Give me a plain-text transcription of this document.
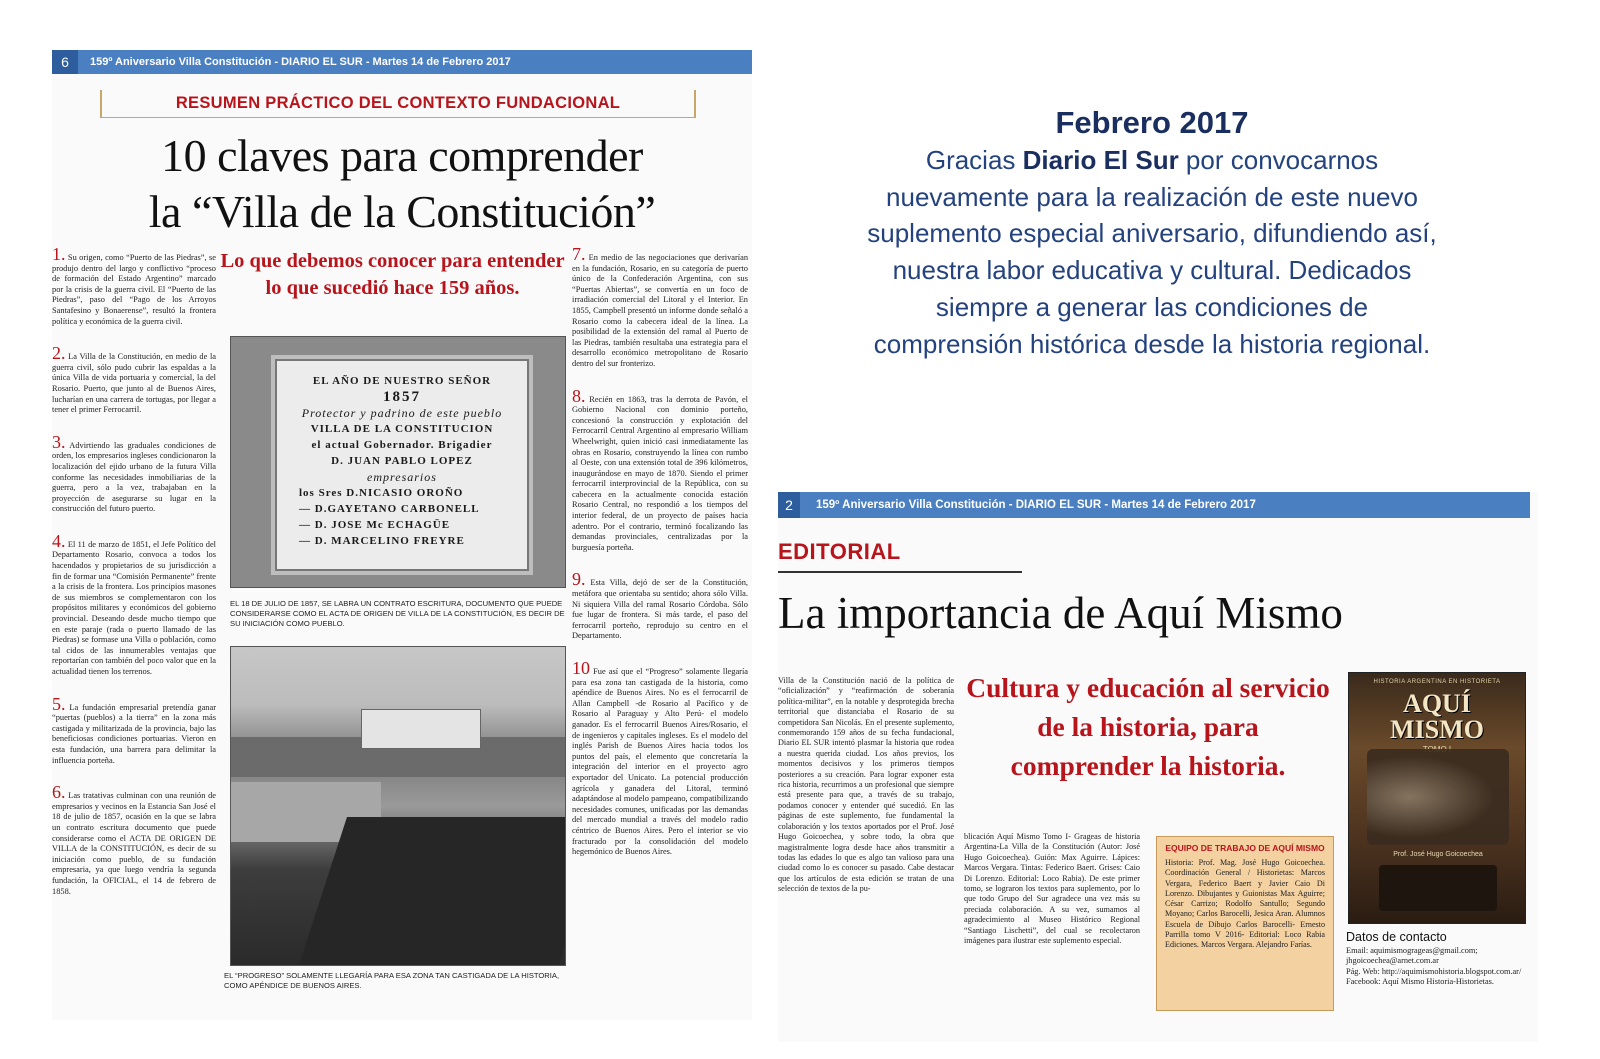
6	159º Aniversario Villa Constitución - DIARIO EL SUR - Martes 14 de Febrero 2017
RESUMEN PRÁCTICO DEL CONTEXTO FUNDACIONAL
10 claves para comprender
la “Villa de la Constitución”

1. Su origen, como “Puerto de las Piedras”, se produjo dentro del largo y conflictivo “proceso de formación del Estado Argentino” marcado por la crisis de la guerra civil. El “Puerto de las Piedras”, paso del “Pago de los Arroyos Santafesino y Bonaerense”, resultó la frontera política y económica de la guerra civil.

2. La Villa de la Constitución, en medio de la guerra civil, sólo pudo cubrir las espaldas a la única Villa de vida portuaria y comercial, la del Rosario. Puerto, que junto al de Buenos Aires, lucharían en una carrera de tortugas, por llegar a tener el primer Ferrocarril.

3. Advirtiendo las graduales condiciones de orden, los empresarios ingleses condicionaron la localización del ejido urbano de la futura Villa conforme las necesidades inmobiliarias de la guerra, pero a la vez, trabajaban en la proyección de asegurarse su lugar en la construcción del futuro puerto.

4. El 11 de marzo de 1851, el Jefe Político del Departamento Rosario, convoca a todos los hacendados y propietarios de su jurisdicción a fin de formar una “Comisión Permanente” frente a la crisis de la frontera. Los principios masones de sus miembros se complementaron con los propósitos militares y económicos del gobierno provincial. Deseando desde mucho tiempo que en este paraje (rada o puerto llamado de las Piedras) se formase una Villa o población, como tal cidos de las innumerables ventajas que reportarían con también del poco valor que en la actualidad tienen los terrenos.

5. La fundación empresarial pretendía ganar “puertas (pueblos) a la tierra” en la zona más castigada y militarizada de la provincia, bajo las beneficiosas condiciones portuarias. Vieron en esta fundación, una barrera para delimitar la influencia porteña.

6. Las tratativas culminan con una reunión de empresarios y vecinos en la Estancia San José el 18 de julio de 1857, ocasión en la que se labra un contrato escritura documento que puede considerarse como el ACTA DE ORIGEN DE VILLA de la CONSTITUCIÓN, es decir de su iniciación como pueblo, de su fundación empresaria, ya que luego vendría la segunda fundación, la OFICIAL, el 14 de febrero de 1858.

Lo que debemos conocer para entender lo que sucedió hace 159 años.
EL AÑO DE NUESTRO SEÑOR
1857
Protector y padrino de este pueblo
VILLA DE LA CONSTITUCION
el actual Gobernador. Brigadier
D. JUAN PABLO LOPEZ
empresarios
los Sres D.NICASIO OROÑO
— D.GAYETANO CARBONELL
— D. JOSE Mc ECHAGÜE
— D. MARCELINO FREYRE
EL 18 DE JULIO DE 1857, SE LABRA UN CONTRATO ESCRITURA, DOCUMENTO QUE PUEDE CONSIDERARSE COMO EL ACTA DE ORIGEN DE VILLA DE LA CONSTITUCIÓN, ES DECIR DE SU INICIACIÓN COMO PUEBLO.
EL “PROGRESO” SOLAMENTE LLEGARÍA PARA ESA ZONA TAN CASTIGADA DE LA HISTORIA, COMO APÉNDICE DE BUENOS AIRES.

7. En medio de las negociaciones que derivarían en la fundación, Rosario, en su categoría de puerto único de la Confederación Argentina, con sus “Puertas Abiertas”, se convertía en un foco de irradiación comercial del Litoral y el Interior. En 1855, Campbell presentó un informe donde señaló a Rosario como la cabecera ideal de la línea. La posibilidad de la extensión del ramal al Puerto de las Piedras, también resultaba una estrategia para el desarrollo económico metropolitano de Rosario dentro del sur fronterizo.

8. Recién en 1863, tras la derrota de Pavón, el Gobierno Nacional con dominio porteño, concesionó la construcción y explotación del Ferrocarril Central Argentino al empresario William Wheelwright, quien inició casi inmediatamente las obras en Rosario, construyendo la línea con rumbo al Oeste, con una extensión total de 396 kilómetros, inaugurándose en mayo de 1870. Siendo el primer ferrocarril interprovincial de la República, con su cabecera en la actualmente conocida estación Rosario Central, no respondió a los tiempos del interior federal, de un proyecto de países hacia adentro. Por el contrario, terminó focalizando las demandas provinciales, centralizadas por la burguesía porteña.

9. Esta Villa, dejó de ser de la Constitución, metáfora que orientaba su sentido; ahora sólo Villa. Ni siquiera Villa del ramal Rosario Córdoba. Sólo fue lugar de frontera. Si más tarde, el paso del ferrocarril porteño, reprodujo su centro en el Departamento.

10 Fue así que el “Progreso” solamente llegaría para esa zona tan castigada de la historia, como apéndice de Buenos Aires. No es el ferrocarril de Allan Campbell -de Rosario al Pacífico y de Rosario al Paraguay y Alto Perú- el modelo ganador. Es el ferrocarril Buenos Aires/Rosario, el de ingenieros y capitales ingleses. Es el modelo del inglés Parish de Buenos Aires hacia todos los puntos del país, el elemento que concretaría la integración del interior en el proyecto agro exportador del Unicato. La potencial producción agrícola y ganadera del Litoral, terminó adaptándose al modelo pampeano, compatibilizando necesidades comunes, unificadas por las demandas del mercado mundial a través del modelo radio céntrico de Buenos Aires. Pero el interior se vio fracturado por la consolidación del modelo hegemónico de Buenos Aires.

Febrero 2017
Gracias Diario El Sur por convocarnos nuevamente para la realización de este nuevo suplemento especial aniversario, difundiendo así, nuestra labor educativa y cultural. Dedicados siempre a generar las condiciones de comprensión histórica desde la historia regional.
2	159º Aniversario Villa Constitución - DIARIO EL SUR - Martes 14 de Febrero 2017
EDITORIAL
La importancia de Aquí Mismo
Villa de la Constitución nació de la política de “oficialización” y “reafirmación de soberanía política-militar”, en la notable y desprotegida brecha territorial que distanciaba el Rosario de su competidora San Nicolás. En el presente suplemento, conmemorando 159 años de su fecha fundacional, Diario EL SUR intentó plasmar la historia que rodea a nuestra querida ciudad. Los años previos, los momentos decisivos y los primeros tiempos posteriores a su creación. Para lograr exponer esta rica historia, recurrimos a un profesional que siempre está presente para que, a través de su trabajo, podamos conocer y entender qué sucedió. En las páginas de este suplemento, fue fundamental la colaboración y los textos aportados por el Prof. José Hugo Goicoechea, y sobre todo, la obra que magistralmente logra desde hace años transmitir a todas las edades lo que es algo tan valioso para una ciudad como lo es conocer su pasado. Cabe destacar que los artículos de esta edición se tratan de una selección de textos de la pu-
Cultura y educación al servicio de la historia, para comprender la historia.
blicación Aquí Mismo Tomo I- Grageas de historia Argentina-La Villa de la Constitución (Autor: José Hugo Goicoechea). Guión: Max Aguirre. Lápices: Marcos Vergara. Tintas: Federico Baert. Grises: Caio Di Lorenzo. Editorial: Loco Rabia). De este primer tomo, se lograron los textos para suplemento, por lo que todo Grupo del Sur agradece una vez más su preciada colaboración. A su vez, sumamos al agradecimiento al Museo Histórico Regional “Santiago Lischetti”, del cual se recolectaron imágenes para ilustrar este suplemento especial.
EQUIPO DE TRABAJO DE AQUÍ MISMO
Historia: Prof. Mag. José Hugo Goicoechea. Coordinación General / Historietas: Marcos Vergara, Federico Baert y Javier Caio Di Lorenzo. Dibujantes y Guionistas Max Aguirre; César Carrizo; Rodolfo Santullo; Segundo Moyano; Carlos Barocelli, Jesica Aran. Alumnos Escuela de Dibujo Carlos Barocelli- Ernesto Parrilla tomo V 2016- Editorial: Loco Rabia Ediciones. Marcos Vergara. Alejandro Farías.
HISTORIA ARGENTINA EN HISTORIETA
AQUÍ
MISMO
Prof. José Hugo Goicoechea
Datos de contacto
Email: aquimismogrageas@gmail.com; jhgoicoechea@arnet.com.ar
Pág. Web: http://aquimismohistoria.blogspot.com.ar/
Facebook: Aquí Mismo Historia-Historietas.
